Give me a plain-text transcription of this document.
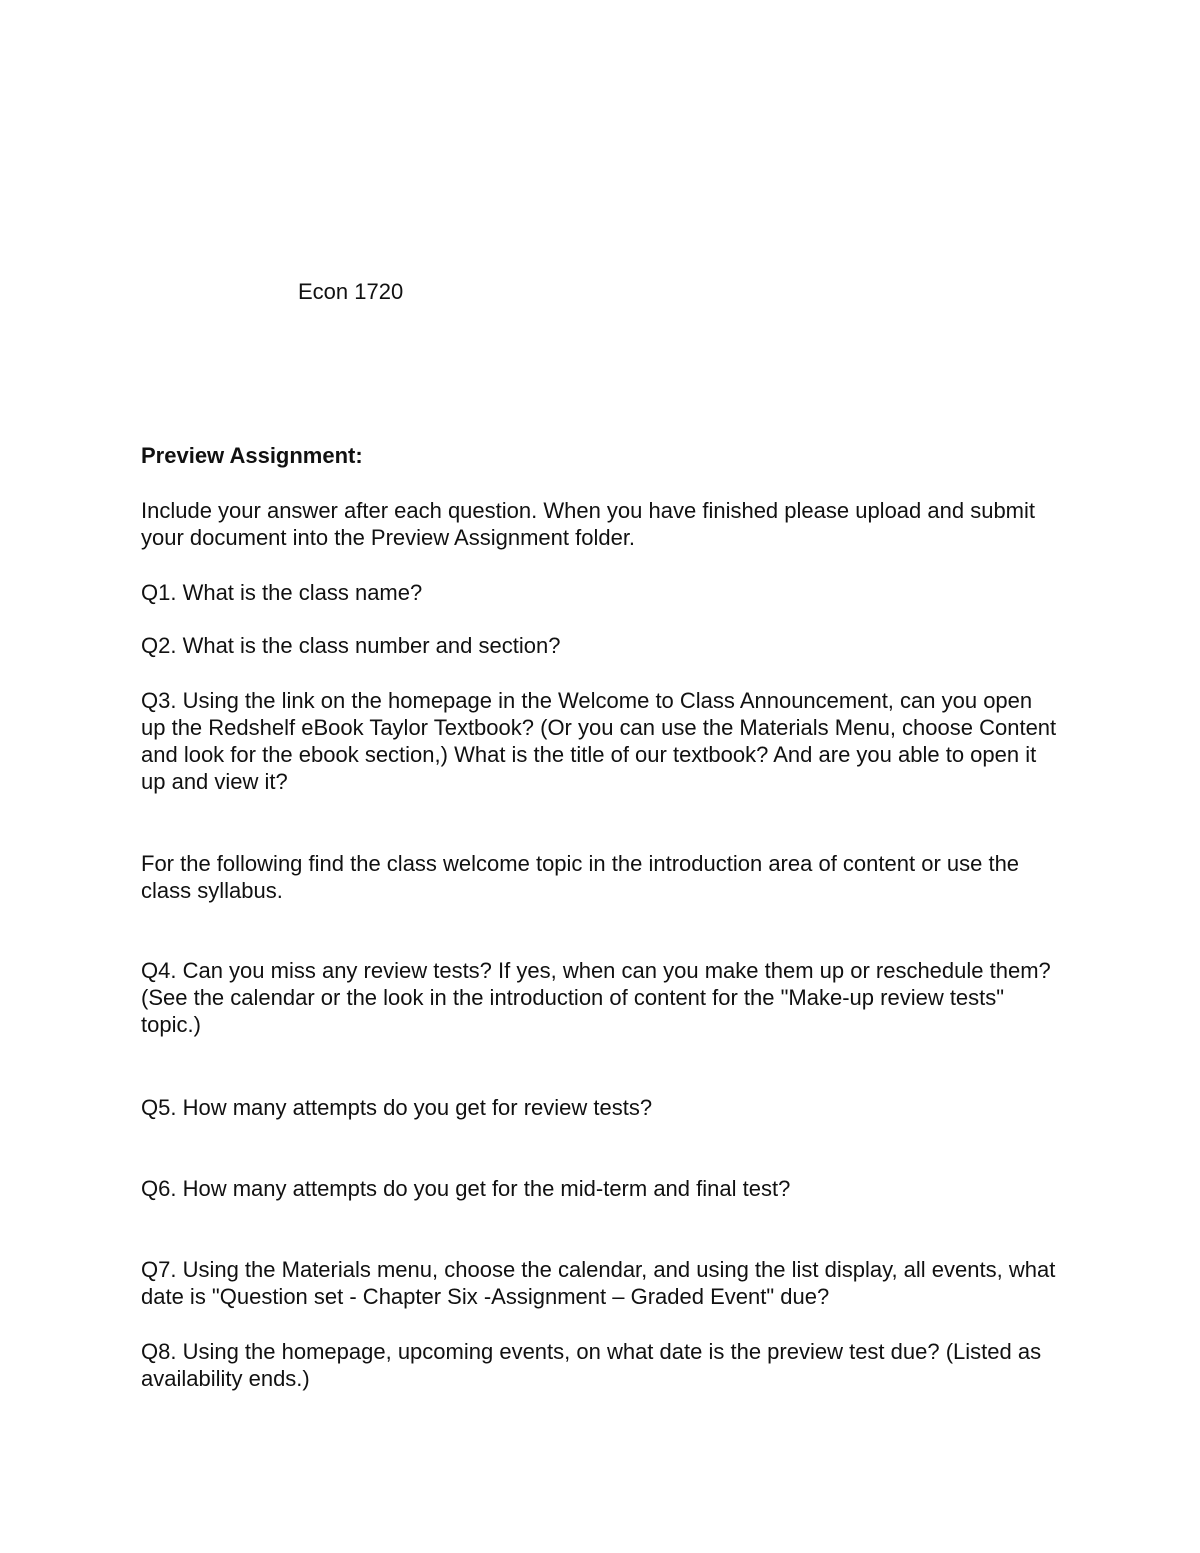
Econ 1720

Preview Assignment:

Include your answer after each question. When you have finished please upload and submit your document into the Preview Assignment folder.

Q1. What is the class name?

Q2. What is the class number and section?

Q3. Using the link on the homepage in the Welcome to Class Announcement, can you open up the Redshelf eBook Taylor Textbook? (Or you can use the Materials Menu, choose Content and look for the ebook section,) What is the title of our textbook? And are you able to open it up and view it?

For the following find the class welcome topic in the introduction area of content or use the class syllabus.

Q4. Can you miss any review tests? If yes, when can you make them up or reschedule them? (See the calendar or the look in the introduction of content for the "Make-up review tests" topic.)

Q5. How many attempts do you get for review tests?

Q6. How many attempts do you get for the mid-term and final test?

Q7. Using the Materials menu, choose the calendar, and using the list display, all events, what date is "Question set - Chapter Six -Assignment – Graded Event" due?

Q8. Using the homepage, upcoming events, on what date is the preview test due? (Listed as availability ends.)
